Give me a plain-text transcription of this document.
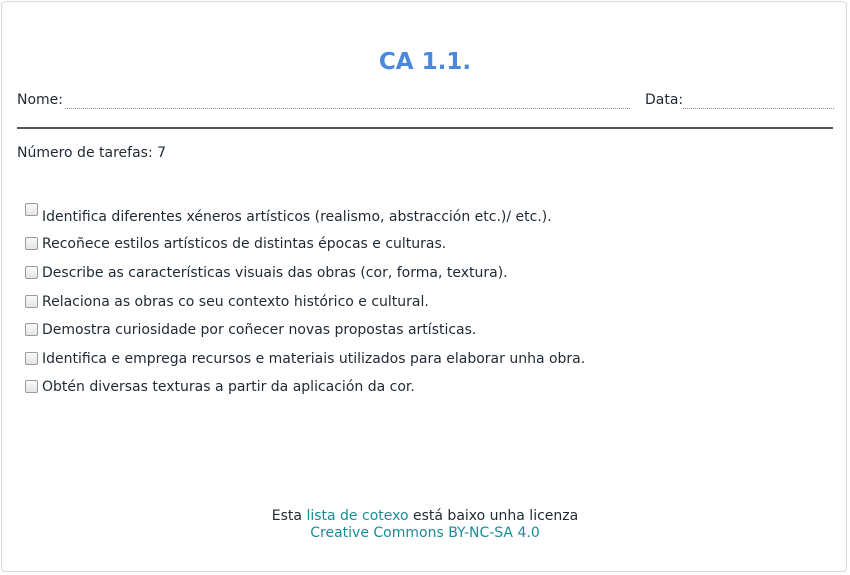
CA 1.1.
Nome:	Data:
Número de tarefas: 7
Identifica diferentes xéneros artísticos (realismo, abstracción etc.)/ etc.).
Recoñece estilos artísticos de distintas épocas e culturas.
Describe as características visuais das obras (cor, forma, textura).
Relaciona as obras co seu contexto histórico e cultural.
Demostra curiosidade por coñecer novas propostas artísticas.
Identifica e emprega recursos e materiais utilizados para elaborar unha obra.
Obtén diversas texturas a partir da aplicación da cor.
Esta lista de cotexo está baixo unha licenza
Creative Commons BY-NC-SA 4.0
